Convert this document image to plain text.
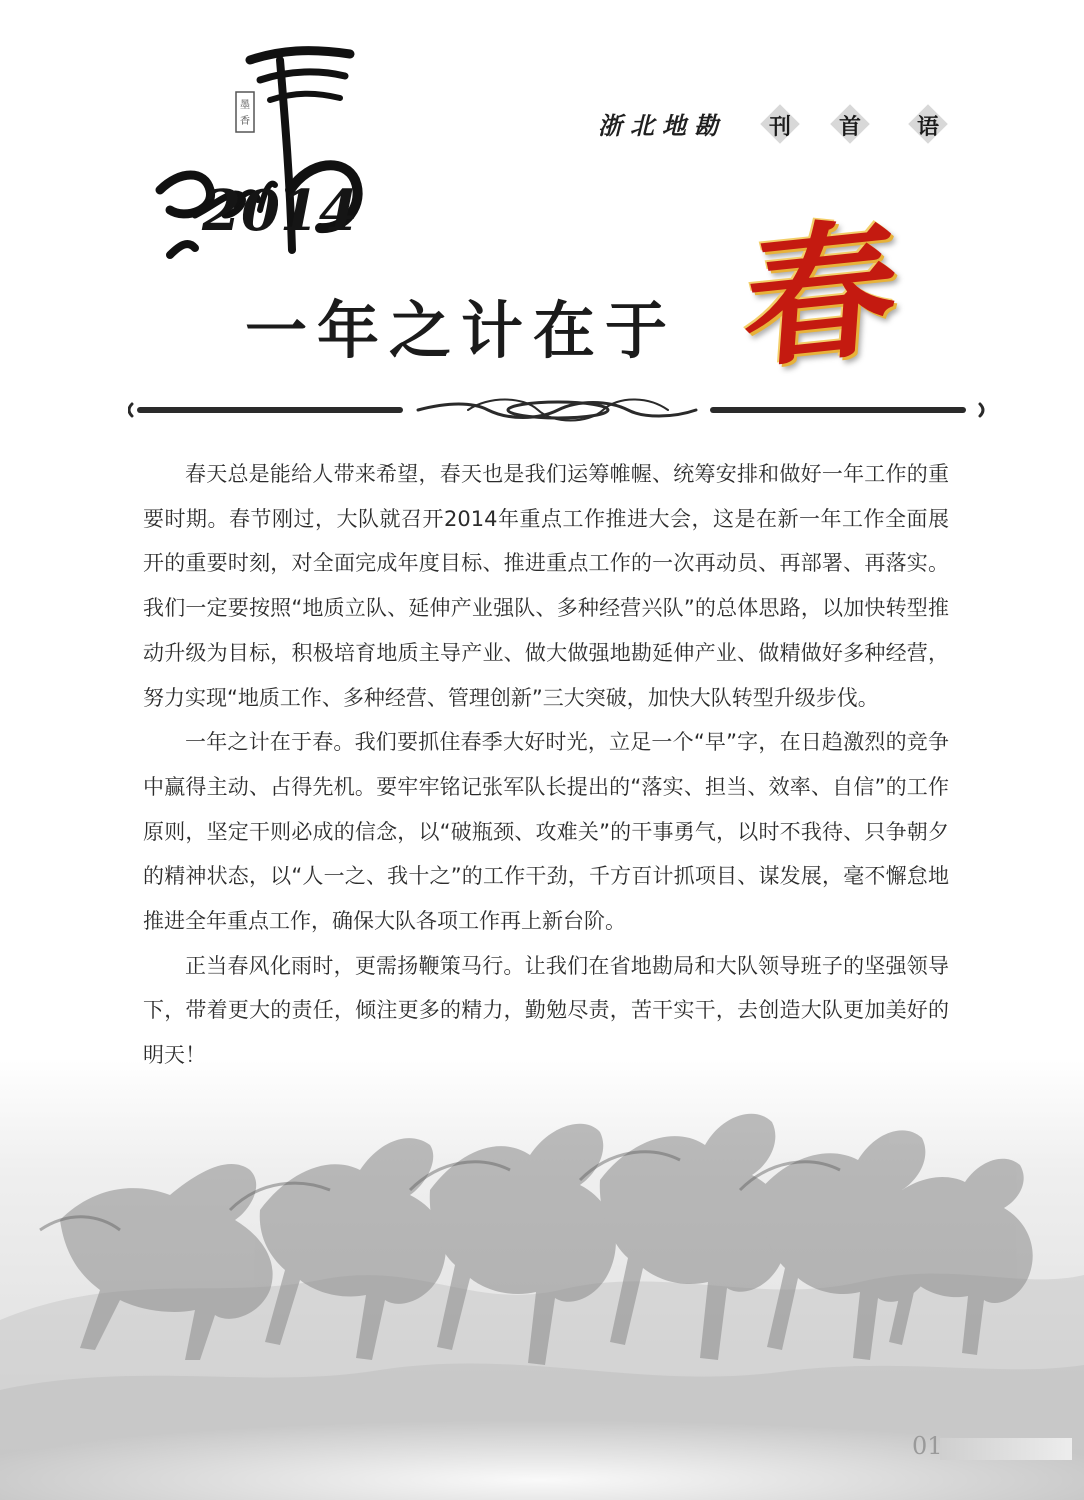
墨
香
2014
浙北地勘	刊	首	语
一年之计在于 春

春天总是能给人带来希望，春天也是我们运筹帷幄、统筹安排和做好一年工作的重要时期。春节刚过，大队就召开2014年重点工作推进大会，这是在新一年工作全面展开的重要时刻，对全面完成年度目标、推进重点工作的一次再动员、再部署、再落实。我们一定要按照“地质立队、延伸产业强队、多种经营兴队”的总体思路，以加快转型推动升级为目标，积极培育地质主导产业、做大做强地勘延伸产业、做精做好多种经营，努力实现“地质工作、多种经营、管理创新”三大突破，加快大队转型升级步伐。

一年之计在于春。我们要抓住春季大好时光，立足一个“早”字，在日趋激烈的竞争中赢得主动、占得先机。要牢牢铭记张军队长提出的“落实、担当、效率、自信”的工作原则，坚定干则必成的信念，以“破瓶颈、攻难关”的干事勇气，以时不我待、只争朝夕的精神状态，以“人一之、我十之”的工作干劲，千方百计抓项目、谋发展，毫不懈怠地推进全年重点工作，确保大队各项工作再上新台阶。

正当春风化雨时，更需扬鞭策马行。让我们在省地勘局和大队领导班子的坚强领导下，带着更大的责任，倾注更多的精力，勤勉尽责，苦干实干，去创造大队更加美好的明天！

01
